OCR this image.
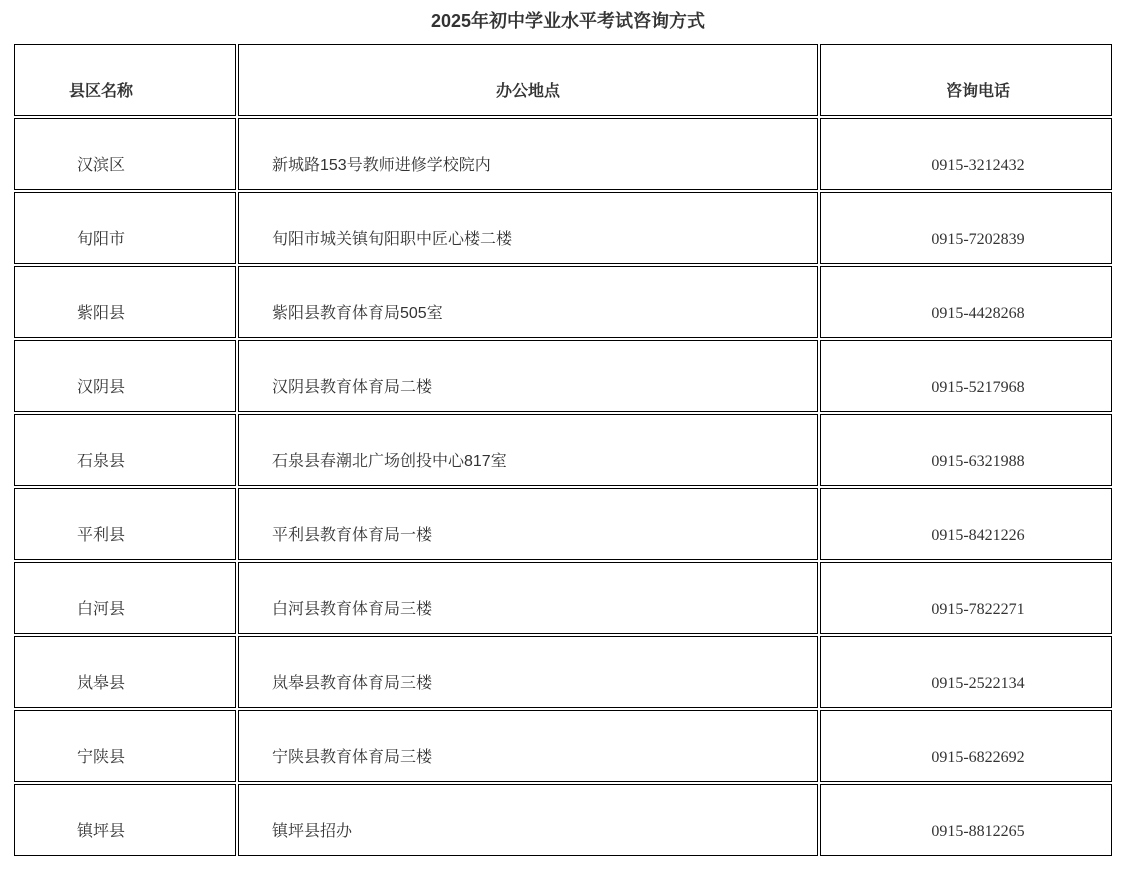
2025年初中学业水平考试咨询方式
县区名称	办公地点	咨询电话
汉滨区	新城路153号教师进修学校院内	0915-3212432
旬阳市	旬阳市城关镇旬阳职中匠心楼二楼	0915-7202839
紫阳县	紫阳县教育体育局505室	0915-4428268
汉阴县	汉阴县教育体育局二楼	0915-5217968
石泉县	石泉县春潮北广场创投中心817室	0915-6321988
平利县	平利县教育体育局一楼	0915-8421226
白河县	白河县教育体育局三楼	0915-7822271
岚皋县	岚皋县教育体育局三楼	0915-2522134
宁陕县	宁陕县教育体育局三楼	0915-6822692
镇坪县	镇坪县招办	0915-8812265
